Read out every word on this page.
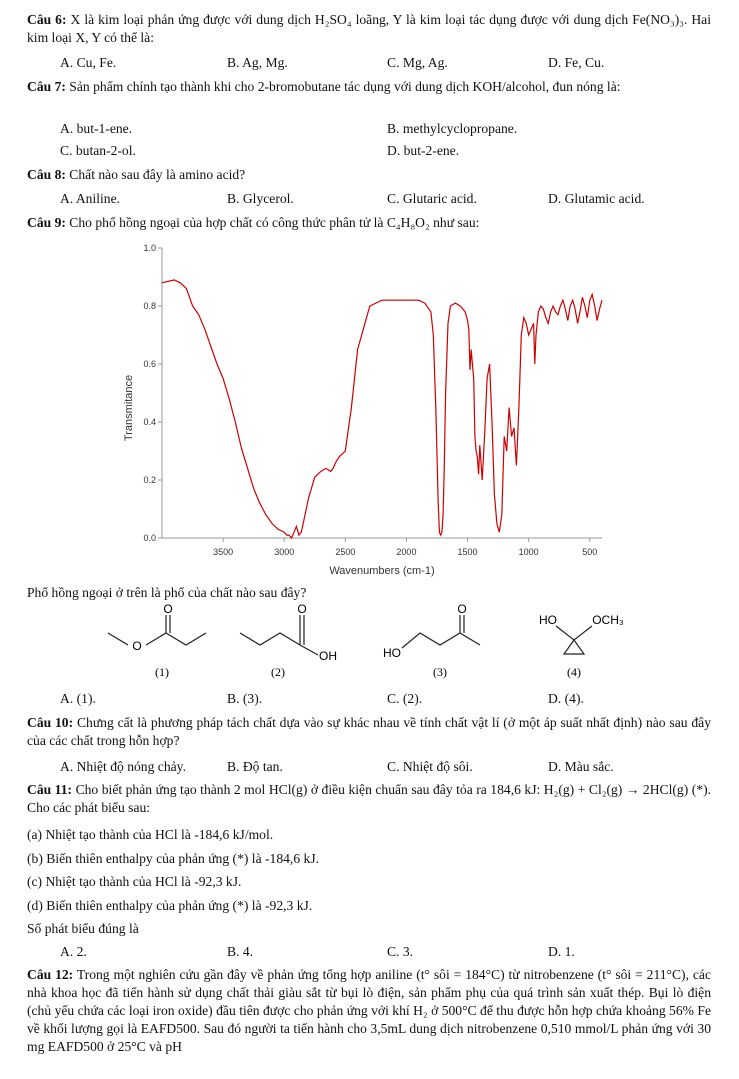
Câu 6: X là kim loại phản ứng được với dung dịch H₂SO₄ loãng, Y là kim loại tác dụng được với dung dịch Fe(NO₃)₃. Hai kim loại X, Y có thể là:
A. Cu, Fe.	B. Ag, Mg.	C. Mg, Ag.	D. Fe, Cu.
Câu 7: Sản phẩm chính tạo thành khi cho 2-bromobutane tác dụng với dung dịch KOH/alcohol, đun nóng là:
A. but-1-ene.	B. methylcyclopropane.
C. butan-2-ol.	D. but-2-ene.
Câu 8: Chất nào sau đây là amino acid?
A. Aniline.	B. Glycerol.	C. Glutaric acid.	D. Glutamic acid.
Câu 9: Cho phổ hồng ngoại của hợp chất có công thức phân tử là C₄H₈O₂ như sau:
3500	3000	2500	2000	1500	1000	500
0.0
0.2
0.4
0.6
0.8
1.0
Wavenumbers (cm-1)
Transmitance
Phổ hồng ngoại ở trên là phổ của chất nào sau đây?
O
O
(1)
O
OH
(2)
HO
O
(3)
HO	OCH₃
(4)
A. (1).	B. (3).	C. (2).	D. (4).
Câu 10: Chưng cất là phương pháp tách chất dựa vào sự khác nhau về tính chất vật lí (ở một áp suất nhất định) nào sau đây của các chất trong hỗn hợp?
A. Nhiệt độ nóng chảy.	B. Độ tan.	C. Nhiệt độ sôi.	D. Màu sắc.
Câu 11: Cho biết phản ứng tạo thành 2 mol HCl(g) ở điều kiện chuẩn sau đây tỏa ra 184,6 kJ: H₂(g) + Cl₂(g) → 2HCl(g) (*). Cho các phát biểu sau:
(a) Nhiệt tạo thành của HCl là -184,6 kJ/mol.
(b) Biến thiên enthalpy của phản ứng (*) là -184,6 kJ.
(c) Nhiệt tạo thành của HCl là -92,3 kJ.
(d) Biến thiên enthalpy của phản ứng (*) là -92,3 kJ.
Số phát biểu đúng là
A. 2.	B. 4.	C. 3.	D. 1.
Câu 12: Trong một nghiên cứu gần đây về phản ứng tổng hợp aniline (t° sôi = 184°C) từ nitrobenzene (t° sôi = 211°C), các nhà khoa học đã tiến hành sử dụng chất thải giàu sắt từ bụi lò điện, sản phẩm phụ của quá trình sản xuất thép. Bụi lò điện (chủ yếu chứa các loại iron oxide) đầu tiên được cho phản ứng với khí H₂ ở 500°C để thu được hỗn hợp chứa khoảng 56% Fe về khối lượng gọi là EAFD500. Sau đó người ta tiến hành cho 3,5mL dung dịch nitrobenzene 0,510 mmol/L phản ứng với 30 mg EAFD500 ở 25°C và pH
